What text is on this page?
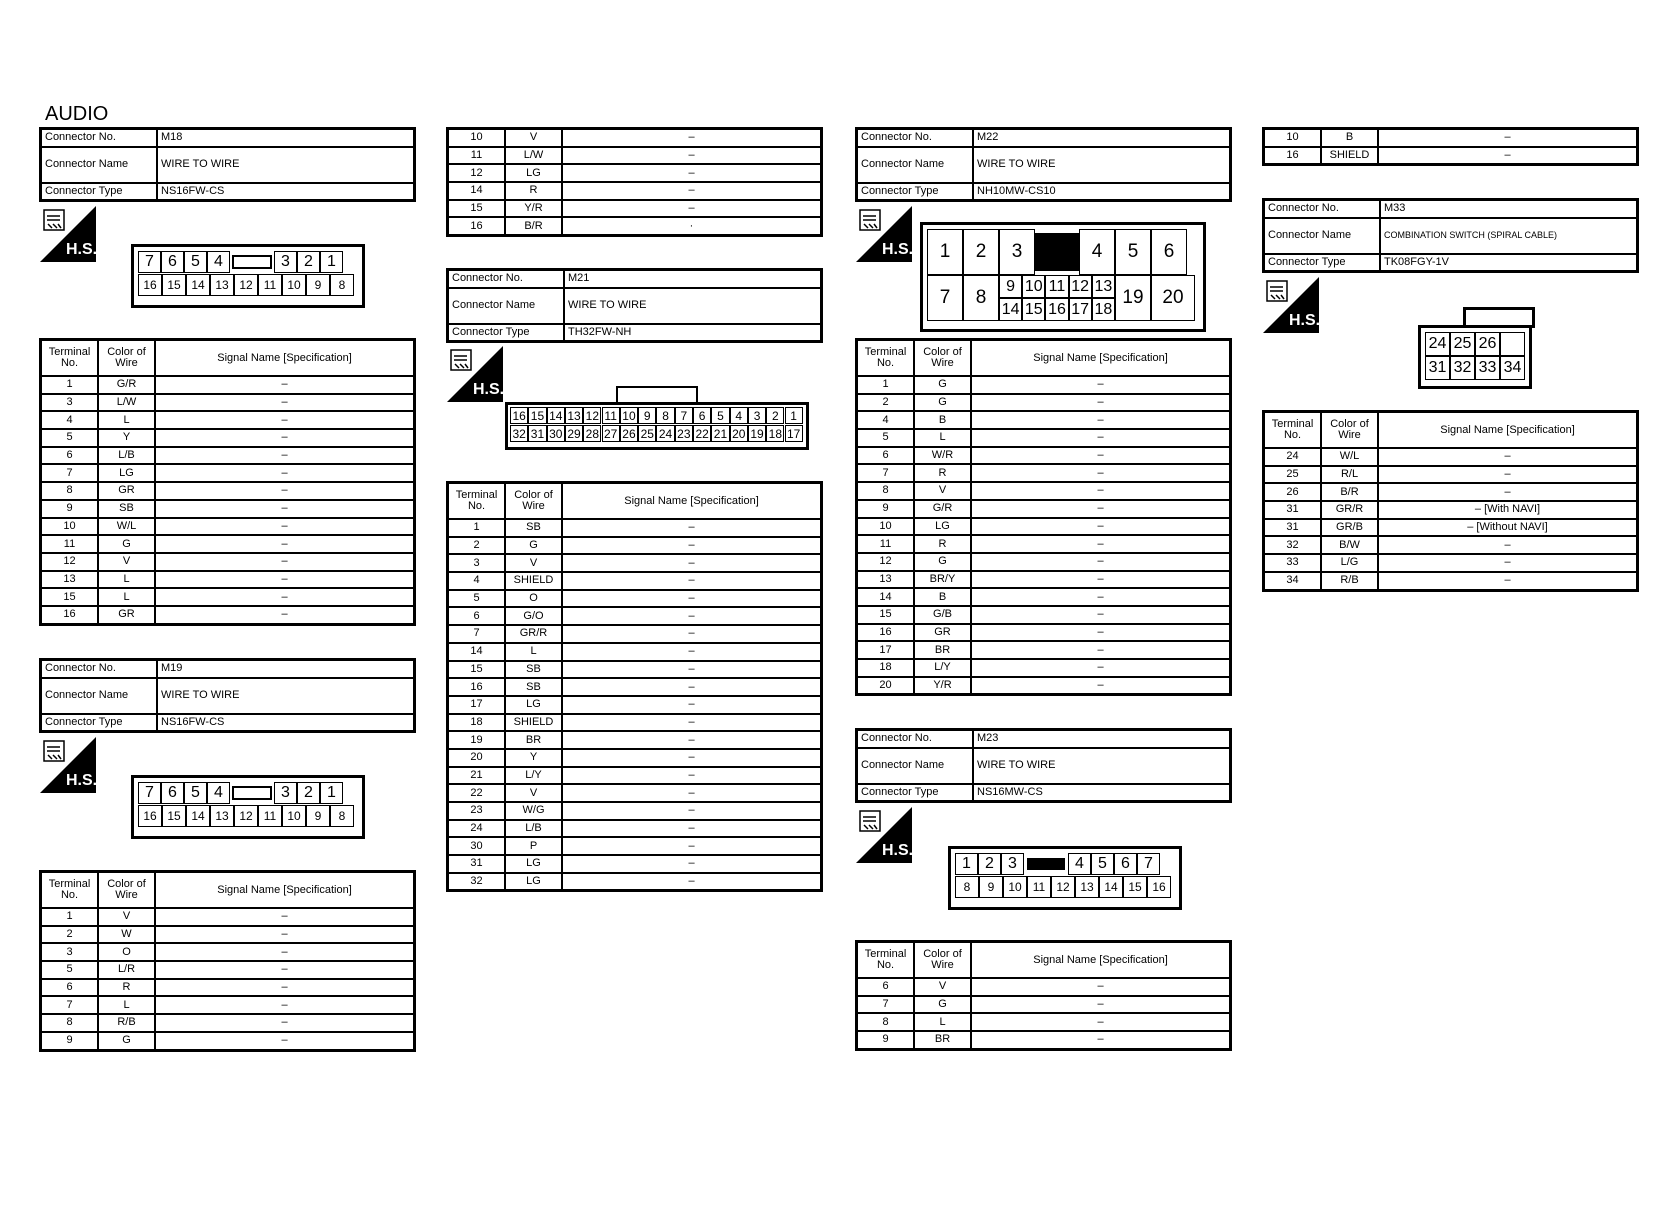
AUDIO
Connector No.	M18
Connector Name	WIRE TO WIRE
Connector Type	NS16FW-CS
H.S.
7 6 5 4	3 2 1
16 15 14 13 12 11 10	9	8
Terminal No.	Color of Wire	Signal Name [Specification]
1	G/R	–
3	L/W	–
4	L	–
5	Y	–
6	L/B	–
7	LG	–
8	GR	–
9	SB	–
10	W/L	–
11	G	–
12	V	–
13	L	–
15	L	–
16	GR	–
Connector No.	M19
Connector Name	WIRE TO WIRE
Connector Type	NS16FW-CS
H.S.
7 6 5 4	3 2 1
16 15 14 13 12 11 10	9	8
Terminal No.	Color of Wire	Signal Name [Specification]
1	V	–
2	W	–
3	O	–
5	L/R	–
6	R	–
7	L	–
8	R/B	–
9	G	–
10	V	–
11	L/W	–
12	LG	–
14	R	–
15	Y/R	–
16	B/R	·
Connector No.	M21
Connector Name	WIRE TO WIRE
Connector Type	TH32FW-NH
H.S.
16 15 14 13 12 11 10 9 8 7 6 5 4 3 2 1
32 31 30 29 28 27 26 25 24 23 22 21 20 19 18 17
Terminal No.	Color of Wire	Signal Name [Specification]
1	SB	–
2	G	–
3	V	–
4	SHIELD	–
5	O	–
6	G/O	–
7	GR/R	–
14	L	–
15	SB	–
16	SB	–
17	LG	–
18	SHIELD	–
19	BR	–
20	Y	–
21	L/Y	–
22	V	–
23	W/G	–
24	L/B	–
30	P	–
31	LG	–
32	LG	–
Connector No.	M22
Connector Name	WIRE TO WIRE
Connector Type	NH10MW-CS10
H.S.	1	2	3	4	5	6
7	8
9 10 11 12 13
14 15 16 17 18
19 20
Terminal No.	Color of Wire	Signal Name [Specification]
1	G	–
2	G	–
4	B	–
5	L	–
6	W/R	–
7	R	–
8	V	–
9	G/R	–
10	LG	–
11	R	–
12	G	–
13	BR/Y	–
14	B	–
15	G/B	–
16	GR	–
17	BR	–
18	L/Y	–
20	Y/R	–
Connector No.	M23
Connector Name	WIRE TO WIRE
Connector Type	NS16MW-CS
H.S.
1 2 3	4 5 6 7
8	9	10 11 12 13 14 15 16
Terminal No.	Color of Wire	Signal Name [Specification]
6	V	–
7	G	–
8	L	–
9	BR	–
10	B	–
16	SHIELD	–
Connector No.	M33
Connector Name	COMBINATION SWITCH (SPIRAL CABLE)
Connector Type	TK08FGY-1V
H.S.
24 25 26
31 32 33 34
Terminal No.	Color of Wire	Signal Name [Specification]
24	W/L	–
25	R/L	–
26	B/R	–
31	GR/R	– [With NAVI]
31	GR/B	– [Without NAVI]
32	B/W	–
33	L/G	–
34	R/B	–
